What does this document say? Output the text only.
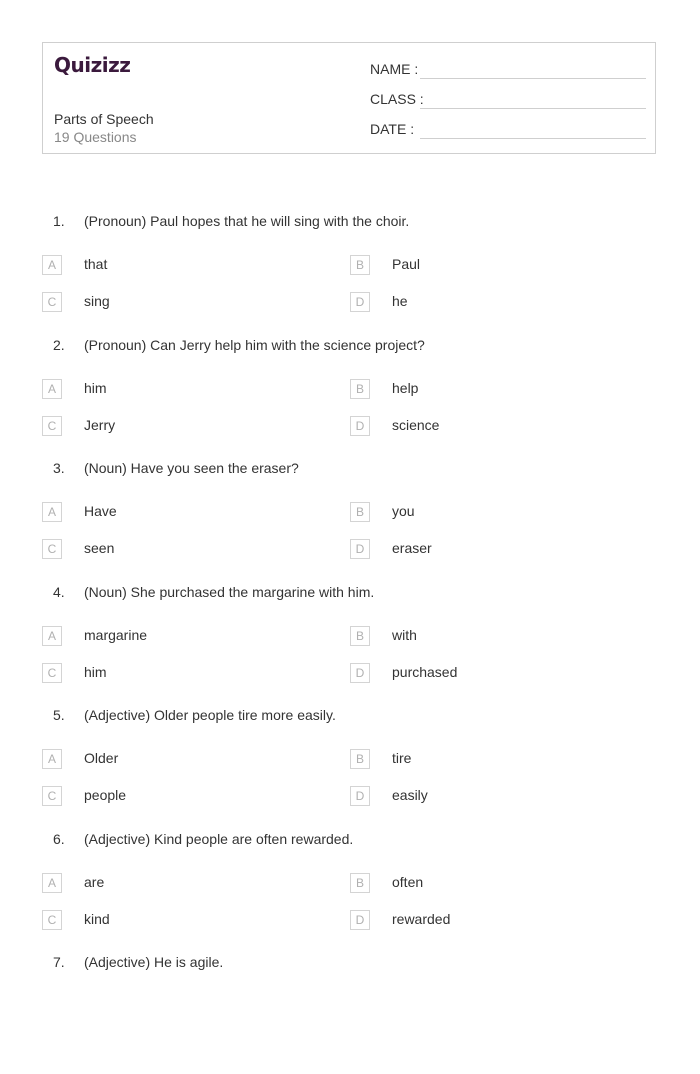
Quizizz
Parts of Speech
19 Questions
NAME :
CLASS :
DATE :
1. (Pronoun) Paul hopes that he will sing with the choir.
A	that	B	Paul
C	sing	D	he
2. (Pronoun) Can Jerry help him with the science project?
A	him	B	help
C	Jerry	D	science
3. (Noun) Have you seen the eraser?
A	Have	B	you
C	seen	D	eraser
4. (Noun) She purchased the margarine with him.
A	margarine	B	with
C	him	D	purchased
5. (Adjective) Older people tire more easily.
A	Older	B	tire
C	people	D	easily
6. (Adjective) Kind people are often rewarded.
A	are	B	often
C	kind	D	rewarded
7. (Adjective) He is agile.
